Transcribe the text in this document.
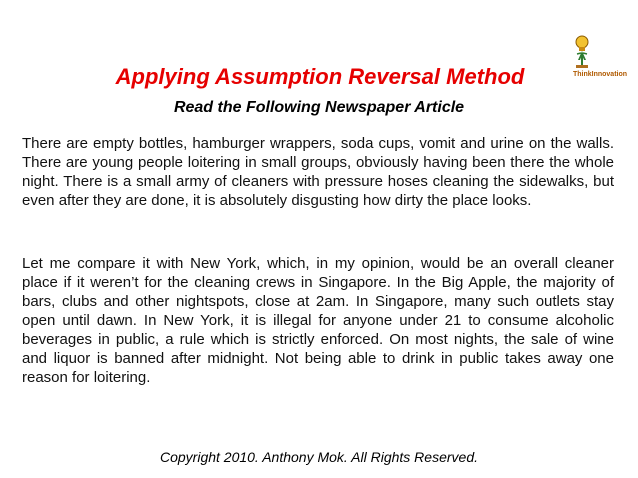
ThinkInnovation
Applying Assumption Reversal Method
Read the Following Newspaper Article

There are empty bottles, hamburger wrappers, soda cups, vomit and urine on the walls. There are young people loitering in small groups, obviously having been there the whole night. There is a small army of cleaners with pressure hoses cleaning the sidewalks, but even after they are done, it is absolutely disgusting how dirty the place looks.

Let me compare it with New York, which, in my opinion, would be an overall cleaner place if it weren’t for the cleaning crews in Singapore. In the Big Apple, the majority of bars, clubs and other nightspots, close at 2am. In Singapore, many such outlets stay open until dawn. In New York, it is illegal for anyone under 21 to consume alcoholic beverages in public, a rule which is strictly enforced. On most nights, the sale of wine and liquor is banned after midnight. Not being able to drink in public takes away one reason for loitering.

Copyright 2010. Anthony Mok. All Rights Reserved.
